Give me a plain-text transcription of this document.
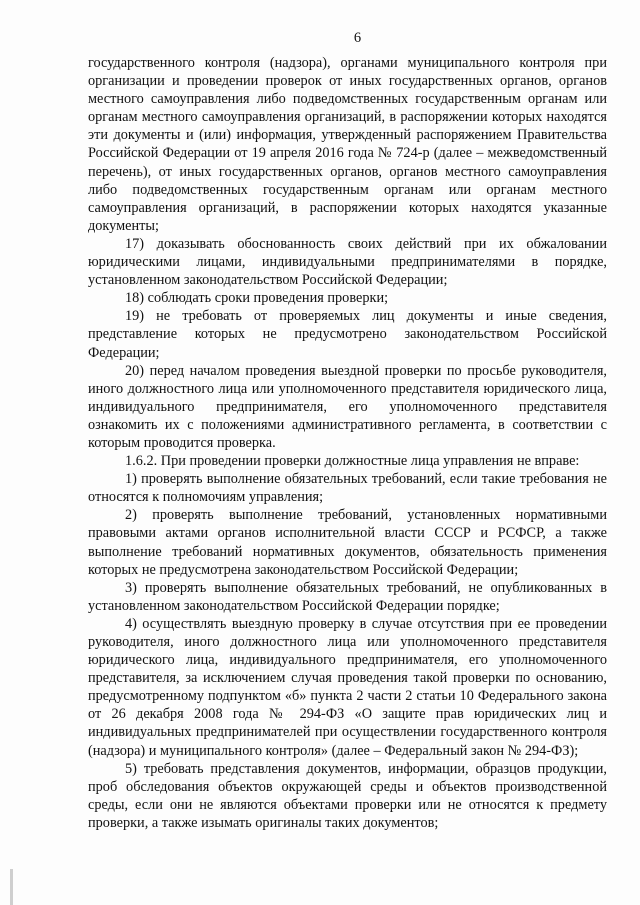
6

государственного контроля (надзора), органами муниципального контроля при организации и проведении проверок от иных государственных органов, органов местного самоуправления либо подведомственных государственным органам или органам местного самоуправления организаций, в распоряжении которых находятся эти документы и (или) информация, утвержденный распоряжением Правительства Российской Федерации от 19 апреля 2016 года № 724-р (далее – межведомственный перечень), от иных государственных органов, органов местного самоуправления либо подведомственных государственным органам или органам местного самоуправления организаций, в распоряжении которых находятся указанные документы;

17) доказывать обоснованность своих действий при их обжаловании юридическими лицами, индивидуальными предпринимателями в порядке, установленном законодательством Российской Федерации;

18) соблюдать сроки проведения проверки;

19) не требовать от проверяемых лиц документы и иные сведения, представление которых не предусмотрено законодательством Российской Федерации;

20) перед началом проведения выездной проверки по просьбе руководителя, иного должностного лица или уполномоченного представителя юридического лица, индивидуального предпринимателя, его уполномоченного представителя ознакомить их с положениями административного регламента, в соответствии с которым проводится проверка.

1.6.2. При проведении проверки должностные лица управления не вправе:

1) проверять выполнение обязательных требований, если такие требования не относятся к полномочиям управления;

2) проверять выполнение требований, установленных нормативными правовыми актами органов исполнительной власти СССР и РСФСР, а также выполнение требований нормативных документов, обязательность применения которых не предусмотрена законодательством Российской Федерации;

3) проверять выполнение обязательных требований, не опубликованных в установленном законодательством Российской Федерации порядке;

4) осуществлять выездную проверку в случае отсутствия при ее проведении руководителя, иного должностного лица или уполномоченного представителя юридического лица, индивидуального предпринимателя, его уполномоченного представителя, за исключением случая проведения такой проверки по основанию, предусмотренному подпунктом «б» пункта 2 части 2 статьи 10 Федерального закона от 26 декабря 2008 года № 294-ФЗ «О защите прав юридических лиц и индивидуальных предпринимателей при осуществлении государственного контроля (надзора) и муниципального контроля» (далее – Федеральный закон № 294-ФЗ);

5) требовать представления документов, информации, образцов продукции, проб обследования объектов окружающей среды и объектов производственной среды, если они не являются объектами проверки или не относятся к предмету проверки, а также изымать оригиналы таких документов;
